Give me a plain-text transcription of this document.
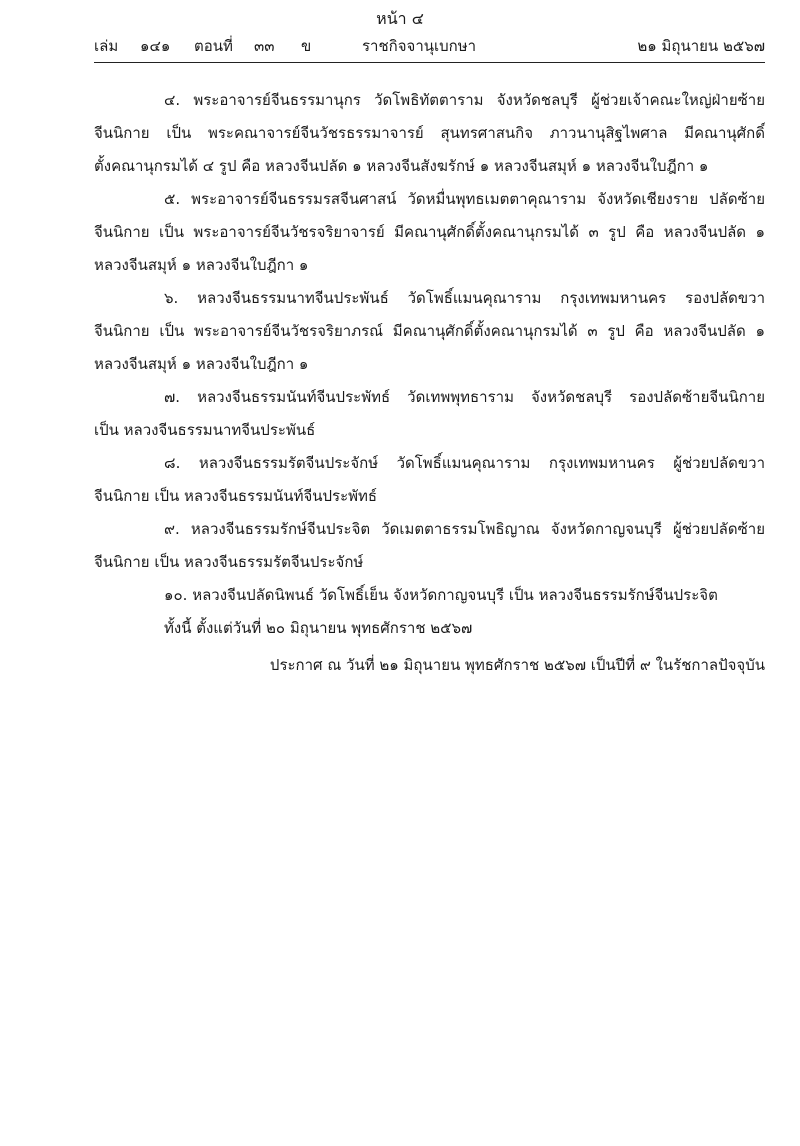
หน้า ๔
เล่ม ๑๔๑ ตอนที่ ๓๓ ข	ราชกิจจานุเบกษา	๒๑ มิถุนายน ๒๕๖๗
๔. พระอาจารย์จีนธรรมานุกร วัดโพธิทัตตาราม จังหวัดชลบุรี ผู้ช่วยเจ้าคณะใหญ่ฝ่ายซ้าย
จีนนิกาย เป็น พระคณาจารย์จีนวัชรธรรมาจารย์ สุนทรศาสนกิจ ภาวนานุสิฐไพศาล มีคณานุศักดิ์
ตั้งคณานุกรมได้ ๔ รูป คือ หลวงจีนปลัด ๑ หลวงจีนสังฆรักษ์ ๑ หลวงจีนสมุห์ ๑ หลวงจีนใบฎีกา ๑
๕. พระอาจารย์จีนธรรมรสจีนศาสน์ วัดหมื่นพุทธเมตตาคุณาราม จังหวัดเชียงราย ปลัดซ้าย
จีนนิกาย เป็น พระอาจารย์จีนวัชรจริยาจารย์ มีคณานุศักดิ์ตั้งคณานุกรมได้ ๓ รูป คือ หลวงจีนปลัด ๑
หลวงจีนสมุห์ ๑ หลวงจีนใบฎีกา ๑
๖. หลวงจีนธรรมนาทจีนประพันธ์ วัดโพธิ์แมนคุณาราม กรุงเทพมหานคร รองปลัดขวา
จีนนิกาย เป็น พระอาจารย์จีนวัชรจริยาภรณ์ มีคณานุศักดิ์ตั้งคณานุกรมได้ ๓ รูป คือ หลวงจีนปลัด ๑
หลวงจีนสมุห์ ๑ หลวงจีนใบฎีกา ๑
๗. หลวงจีนธรรมนันท์จีนประพัทธ์ วัดเทพพุทธาราม จังหวัดชลบุรี รองปลัดซ้ายจีนนิกาย
เป็น หลวงจีนธรรมนาทจีนประพันธ์
๘. หลวงจีนธรรมรัตจีนประจักษ์ วัดโพธิ์แมนคุณาราม กรุงเทพมหานคร ผู้ช่วยปลัดขวา
จีนนิกาย เป็น หลวงจีนธรรมนันท์จีนประพัทธ์
๙. หลวงจีนธรรมรักษ์จีนประจิต วัดเมตตาธรรมโพธิญาณ จังหวัดกาญจนบุรี ผู้ช่วยปลัดซ้าย
จีนนิกาย เป็น หลวงจีนธรรมรัตจีนประจักษ์
๑๐. หลวงจีนปลัดนิพนธ์ วัดโพธิ์เย็น จังหวัดกาญจนบุรี เป็น หลวงจีนธรรมรักษ์จีนประจิต
ทั้งนี้ ตั้งแต่วันที่ ๒๐ มิถุนายน พุทธศักราช ๒๕๖๗
ประกาศ ณ วันที่ ๒๑ มิถุนายน พุทธศักราช ๒๕๖๗ เป็นปีที่ ๙ ในรัชกาลปัจจุบัน
